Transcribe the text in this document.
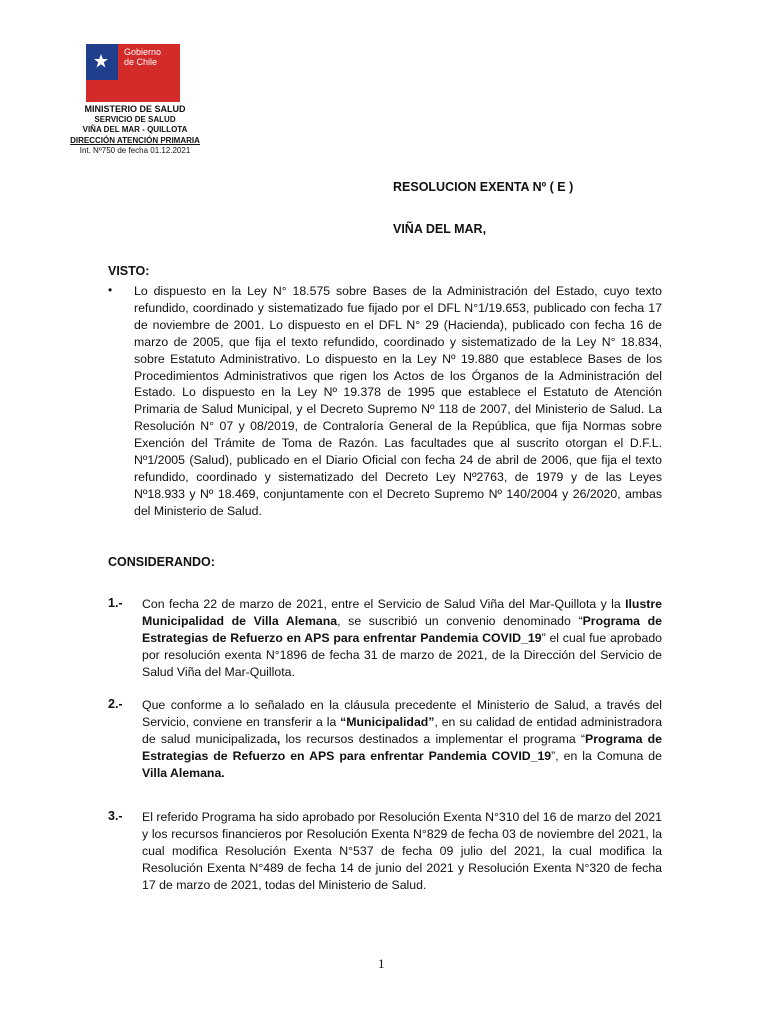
Gobierno
de Chile
MINISTERIO DE SALUD
SERVICIO DE SALUD
VIÑA DEL MAR - QUILLOTA
DIRECCIÓN ATENCIÓN PRIMARIA
Int. Nº750 de fecha 01.12.2021
RESOLUCION EXENTA Nº ( E )
VIÑA DEL MAR,
VISTO:
• Lo dispuesto en la Ley N° 18.575 sobre Bases de la Administración del Estado, cuyo texto refundido, coordinado y sistematizado fue fijado por el DFL N°1/19.653, publicado con fecha 17 de noviembre de 2001. Lo dispuesto en el DFL N° 29 (Hacienda), publicado con fecha 16 de marzo de 2005, que fija el texto refundido, coordinado y sistematizado de la Ley N° 18.834, sobre Estatuto Administrativo. Lo dispuesto en la Ley Nº 19.880 que establece Bases de los Procedimientos Administrativos que rigen los Actos de los Órganos de la Administración del Estado. Lo dispuesto en la Ley Nº 19.378 de 1995 que establece el Estatuto de Atención Primaria de Salud Municipal, y el Decreto Supremo Nº 118 de 2007, del Ministerio de Salud. La Resolución N° 07 y 08/2019, de Contraloría General de la República, que fija Normas sobre Exención del Trámite de Toma de Razón. Las facultades que al suscrito otorgan el D.F.L. Nº1/2005 (Salud), publicado en el Diario Oficial con fecha 24 de abril de 2006, que fija el texto refundido, coordinado y sistematizado del Decreto Ley Nº2763, de 1979 y de las Leyes Nº18.933 y Nº 18.469, conjuntamente con el Decreto Supremo Nº 140/2004 y 26/2020, ambas del Ministerio de Salud.
CONSIDERANDO:
1.- Con fecha 22 de marzo de 2021, entre el Servicio de Salud Viña del Mar-Quillota y la Ilustre Municipalidad de Villa Alemana, se suscribió un convenio denominado “Programa de Estrategias de Refuerzo en APS para enfrentar Pandemia COVID_19” el cual fue aprobado por resolución exenta N°1896 de fecha 31 de marzo de 2021, de la Dirección del Servicio de Salud Viña del Mar-Quillota.
2.- Que conforme a lo señalado en la cláusula precedente el Ministerio de Salud, a través del Servicio, conviene en transferir a la “Municipalidad”, en su calidad de entidad administradora de salud municipalizada, los recursos destinados a implementar el programa “Programa de Estrategias de Refuerzo en APS para enfrentar Pandemia COVID_19”, en la Comuna de Villa Alemana.
3.- El referido Programa ha sido aprobado por Resolución Exenta N°310 del 16 de marzo del 2021 y los recursos financieros por Resolución Exenta N°829 de fecha 03 de noviembre del 2021, la cual modifica Resolución Exenta N°537 de fecha 09 julio del 2021, la cual modifica la Resolución Exenta N°489 de fecha 14 de junio del 2021 y Resolución Exenta N°320 de fecha 17 de marzo de 2021, todas del Ministerio de Salud.
1
